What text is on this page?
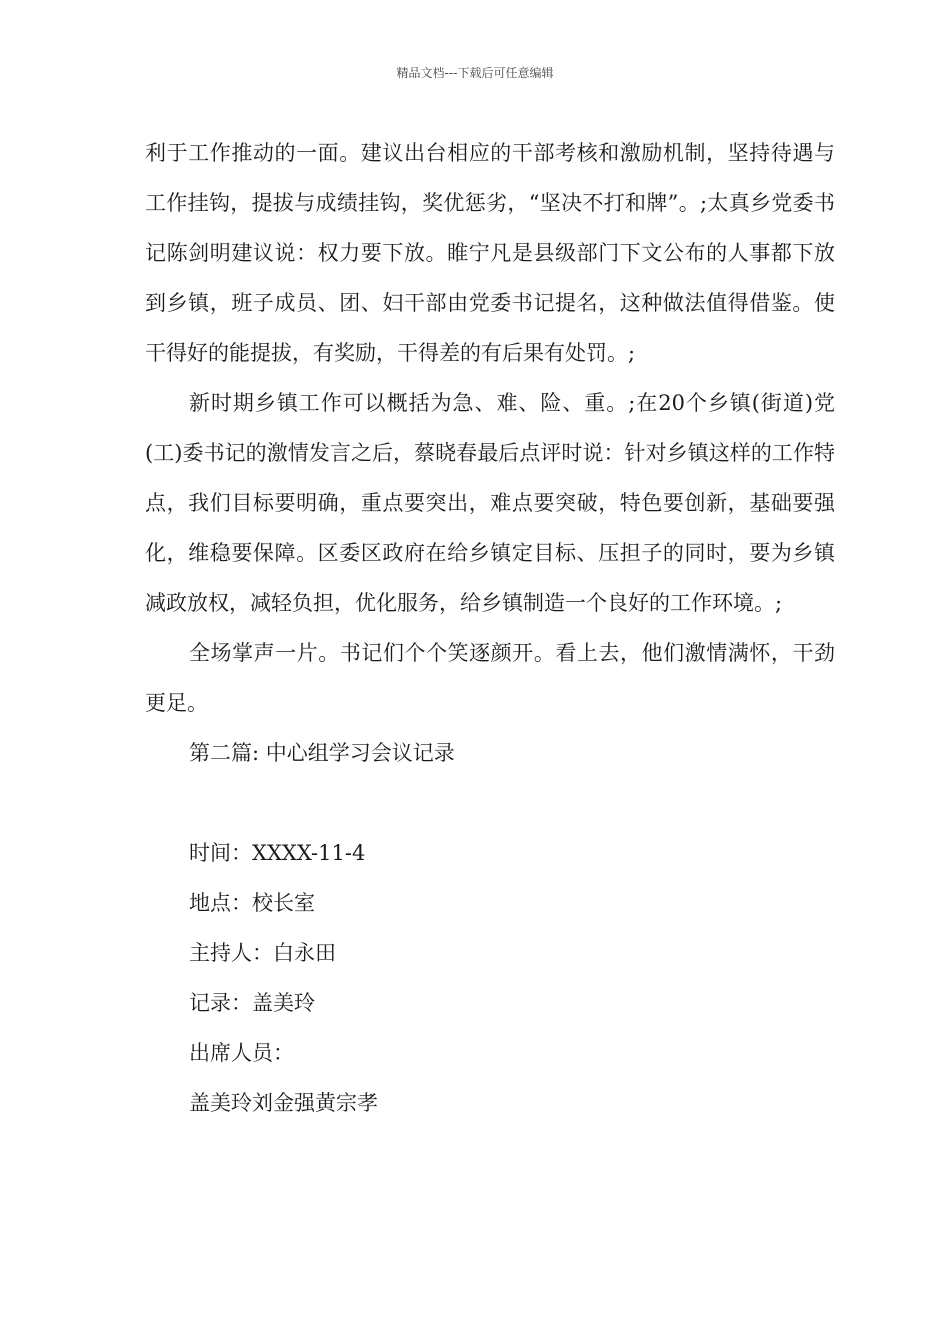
精品文档---下载后可任意编辑

利于工作推动的一面。建议出台相应的干部考核和激励机制，坚持待遇与工作挂钩，提拔与成绩挂钩，奖优惩劣，“坚决不打和牌”。;太真乡党委书记陈剑明建议说：权力要下放。睢宁凡是县级部门下文公布的人事都下放到乡镇，班子成员、团、妇干部由党委书记提名，这种做法值得借鉴。使干得好的能提拔，有奖励，干得差的有后果有处罚。;

新时期乡镇工作可以概括为急、难、险、重。;在20个乡镇(街道)党(工)委书记的激情发言之后，蔡晓春最后点评时说：针对乡镇这样的工作特点，我们目标要明确，重点要突出，难点要突破，特色要创新，基础要强化，维稳要保障。区委区政府在给乡镇定目标、压担子的同时，要为乡镇减政放权，减轻负担，优化服务，给乡镇制造一个良好的工作环境。;

全场掌声一片。书记们个个笑逐颜开。看上去，他们激情满怀，干劲更足。

第二篇: 中心组学习会议记录

时间：XXXX-11-4

地点：校长室

主持人：白永田

记录：盖美玲

出席人员：

盖美玲刘金强黄宗孝
